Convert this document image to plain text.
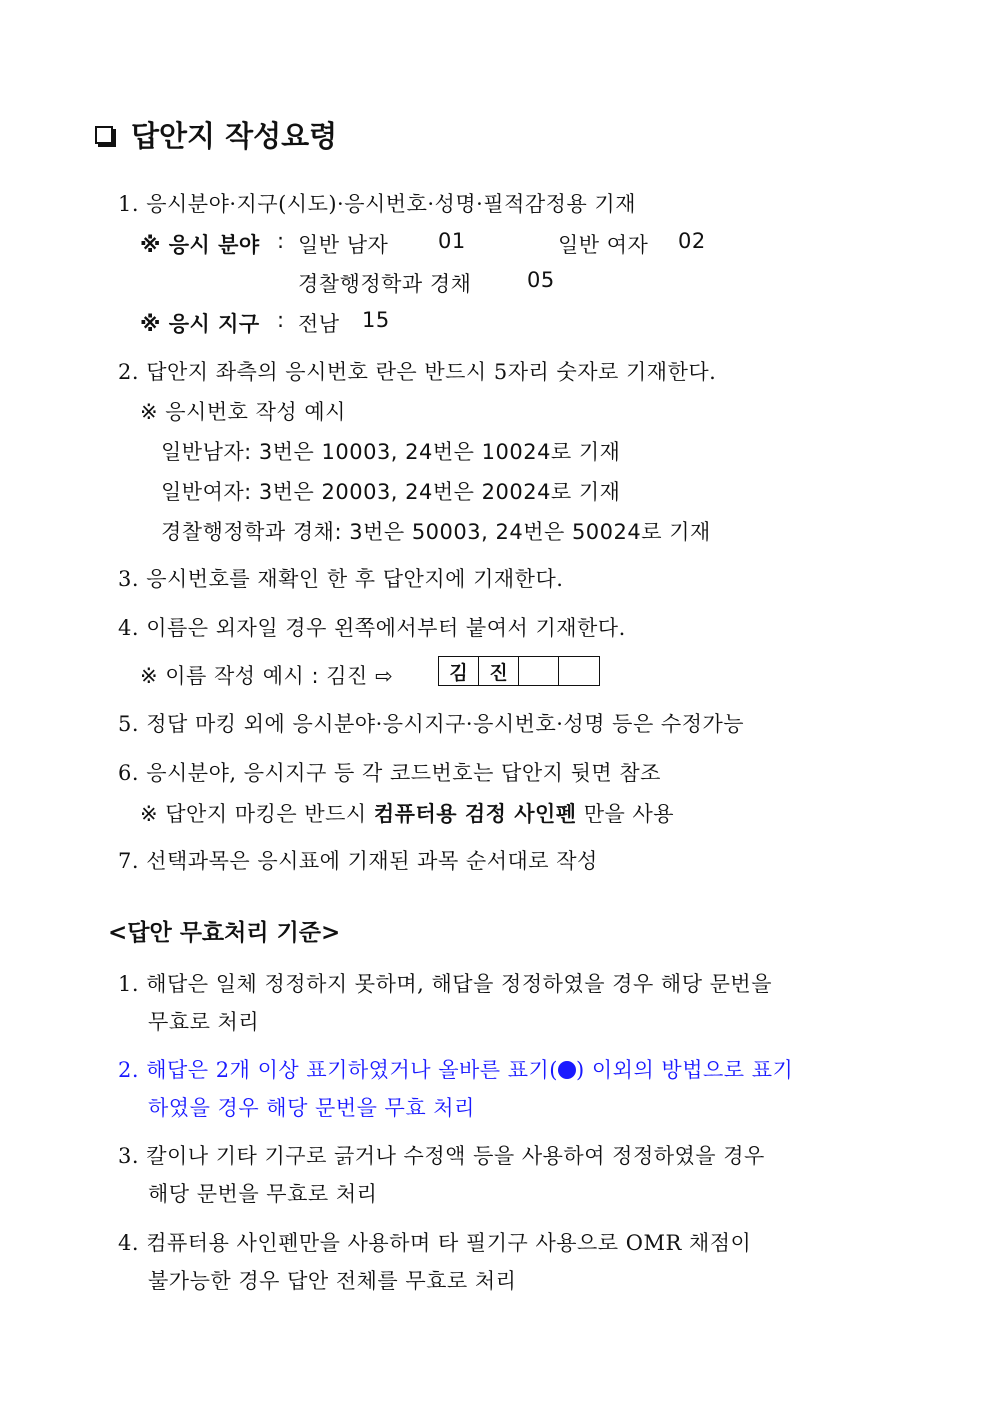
답안지 작성요령
1. 응시분야·지구(시도)·응시번호·성명·필적감정용 기재
※ 응시 분야 : 일반 남자 01	일반 여자 02
경찰행정학과 경채	05
※ 응시 지구 : 전남 15
2. 답안지 좌측의 응시번호 란은 반드시 5자리 숫자로 기재한다.
※ 응시번호 작성 예시
일반남자: 3번은 10003, 24번은 10024로 기재
일반여자: 3번은 20003, 24번은 20024로 기재
경찰행정학과 경채: 3번은 50003, 24번은 50024로 기재
3. 응시번호를 재확인 한 후 답안지에 기재한다.
4. 이름은 외자일 경우 왼쪽에서부터 붙여서 기재한다.
※ 이름 작성 예시 : 김진 ⇨	김	진
5. 정답 마킹 외에 응시분야·응시지구·응시번호·성명 등은 수정가능
6. 응시분야, 응시지구 등 각 코드번호는 답안지 뒷면 참조
※ 답안지 마킹은 반드시 컴퓨터용 검정 사인펜 만을 사용
7. 선택과목은 응시표에 기재된 과목 순서대로 작성
<답안 무효처리 기준>
1. 해답은 일체 정정하지 못하며, 해답을 정정하였을 경우 해당 문번을
무효로 처리
2. 해답은 2개 이상 표기하였거나 올바른 표기( ) 이외의 방법으로 표기
하였을 경우 해당 문번을 무효 처리
3. 칼이나 기타 기구로 긁거나 수정액 등을 사용하여 정정하였을 경우
해당 문번을 무효로 처리
4. 컴퓨터용 사인펜만을 사용하며 타 필기구 사용으로 OMR 채점이
불가능한 경우 답안 전체를 무효로 처리
